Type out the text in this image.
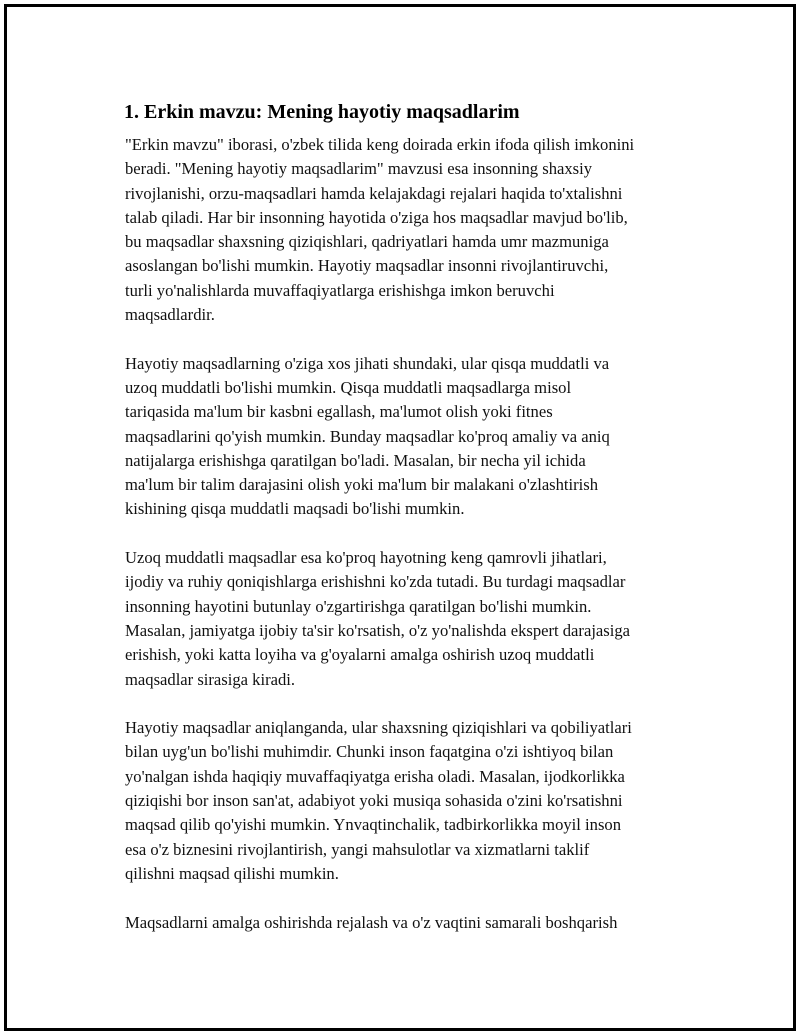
1. Erkin mavzu: Mening hayotiy maqsadlarim

"Erkin mavzu" iborasi, o'zbek tilida keng doirada erkin ifoda qilish imkonini
beradi. "Mening hayotiy maqsadlarim" mavzusi esa insonning shaxsiy
rivojlanishi, orzu-maqsadlari hamda kelajakdagi rejalari haqida to'xtalishni
talab qiladi. Har bir insonning hayotida o'ziga hos maqsadlar mavjud bo'lib,
bu maqsadlar shaxsning qiziqishlari, qadriyatlari hamda umr mazmuniga
asoslangan bo'lishi mumkin. Hayotiy maqsadlar insonni rivojlantiruvchi,
turli yo'nalishlarda muvaffaqiyatlarga erishishga imkon beruvchi
maqsadlardir.

Hayotiy maqsadlarning o'ziga xos jihati shundaki, ular qisqa muddatli va
uzoq muddatli bo'lishi mumkin. Qisqa muddatli maqsadlarga misol
tariqasida ma'lum bir kasbni egallash, ma'lumot olish yoki fitnes
maqsadlarini qo'yish mumkin. Bunday maqsadlar ko'proq amaliy va aniq
natijalarga erishishga qaratilgan bo'ladi. Masalan, bir necha yil ichida
ma'lum bir talim darajasini olish yoki ma'lum bir malakani o'zlashtirish
kishining qisqa muddatli maqsadi bo'lishi mumkin.

Uzoq muddatli maqsadlar esa ko'proq hayotning keng qamrovli jihatlari,
ijodiy va ruhiy qoniqishlarga erishishni ko'zda tutadi. Bu turdagi maqsadlar
insonning hayotini butunlay o'zgartirishga qaratilgan bo'lishi mumkin.
Masalan, jamiyatga ijobiy ta'sir ko'rsatish, o'z yo'nalishda ekspert darajasiga
erishish, yoki katta loyiha va g'oyalarni amalga oshirish uzoq muddatli
maqsadlar sirasiga kiradi.

Hayotiy maqsadlar aniqlanganda, ular shaxsning qiziqishlari va qobiliyatlari
bilan uyg'un bo'lishi muhimdir. Chunki inson faqatgina o'zi ishtiyoq bilan
yo'nalgan ishda haqiqiy muvaffaqiyatga erisha oladi. Masalan, ijodkorlikka
qiziqishi bor inson san'at, adabiyot yoki musiqa sohasida o'zini ko'rsatishni
maqsad qilib qo'yishi mumkin. Ynvaqtinchalik, tadbirkorlikka moyil inson
esa o'z biznesini rivojlantirish, yangi mahsulotlar va xizmatlarni taklif
qilishni maqsad qilishi mumkin.

Maqsadlarni amalga oshirishda rejalash va o'z vaqtini samarali boshqarish
